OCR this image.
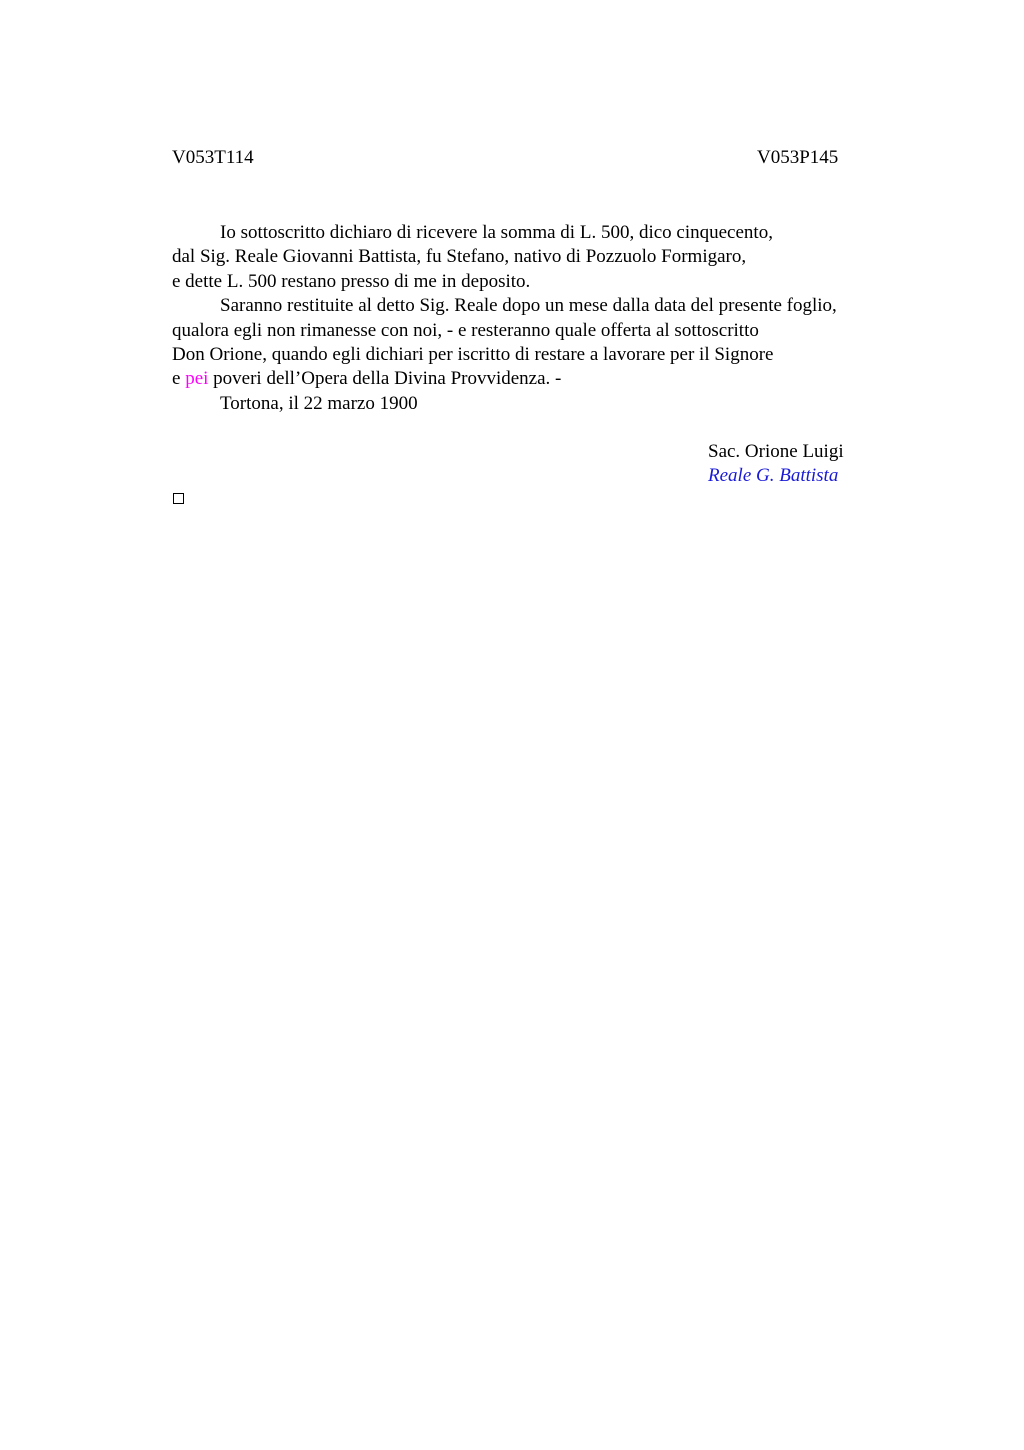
V053T114	V053P145
Io sottoscritto dichiaro di ricevere la somma di L. 500, dico cinquecento,
dal Sig. Reale Giovanni Battista, fu Stefano, nativo di Pozzuolo Formigaro,
e dette L. 500 restano presso di me in deposito.
Saranno restituite al detto Sig. Reale dopo un mese dalla data del presente foglio,
qualora egli non rimanesse con noi, - e resteranno quale offerta al sottoscritto
Don Orione, quando egli dichiari per iscritto di restare a lavorare per il Signore
e pei poveri dell’Opera della Divina Provvidenza. -
Tortona, il 22 marzo 1900
Sac. Orione Luigi
Reale G. Battista
